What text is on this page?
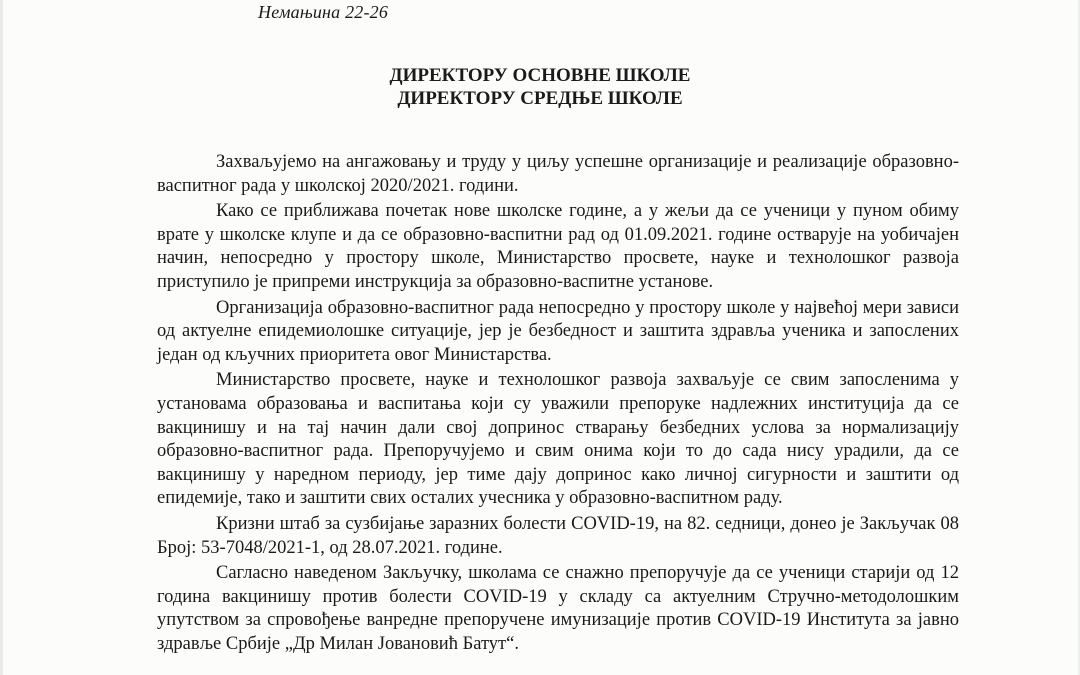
Немањина 22-26
ДИРЕКТОРУ ОСНОВНЕ ШКОЛЕ
ДИРЕКТОРУ СРЕДЊЕ ШКОЛЕ

Захваљујемо на ангажовању и труду у циљу успешне организације и реализације образовно-васпитног рада у школској 2020/2021. години.

Како се приближава почетак нове школске године, а у жељи да се ученици у пуном обиму врате у школске клупе и да се образовно-васпитни рад од 01.09.2021. године остварује на уобичајен начин, непосредно у простору школе, Министарство просвете, науке и технолошког развоја приступило је припреми инструкција за образовно-васпитне установе.

Организација образовно-васпитног рада непосредно у простору школе у највећој мери зависи од актуелне епидемиолошке ситуације, јер је безбедност и заштита здравља ученика и запослених један од кључних приоритета овог Министарства.

Министарство просвете, науке и технолошког развоја захваљује се свим запосленима у установама образовања и васпитања који су уважили препоруке надлежних институција да се вакцинишу и на тај начин дали свој допринос стварању безбедних услова за нормализацију образовно-васпитног рада. Препоручујемо и свим онима који то до сада нису урадили, да се вакцинишу у наредном периоду, јер тиме дају допринос како личној сигурности и заштити од епидемије, тако и заштити свих осталих учесника у образовно-васпитном раду.

Кризни штаб за сузбијање заразних болести COVID-19, на 82. седници, донео је Закључак 08 Број: 53-7048/2021-1, од 28.07.2021. године.

Сагласно наведеном Закључку, школама се снажно препоручује да се ученици старији од 12 година вакцинишу против болести COVID-19 у складу са актуелним Стручно-методолошким упутством за спровођење ванредне препоручене имунизације против COVID-19 Института за јавно здравље Србије „Др Милан Јовановић Батут“.
